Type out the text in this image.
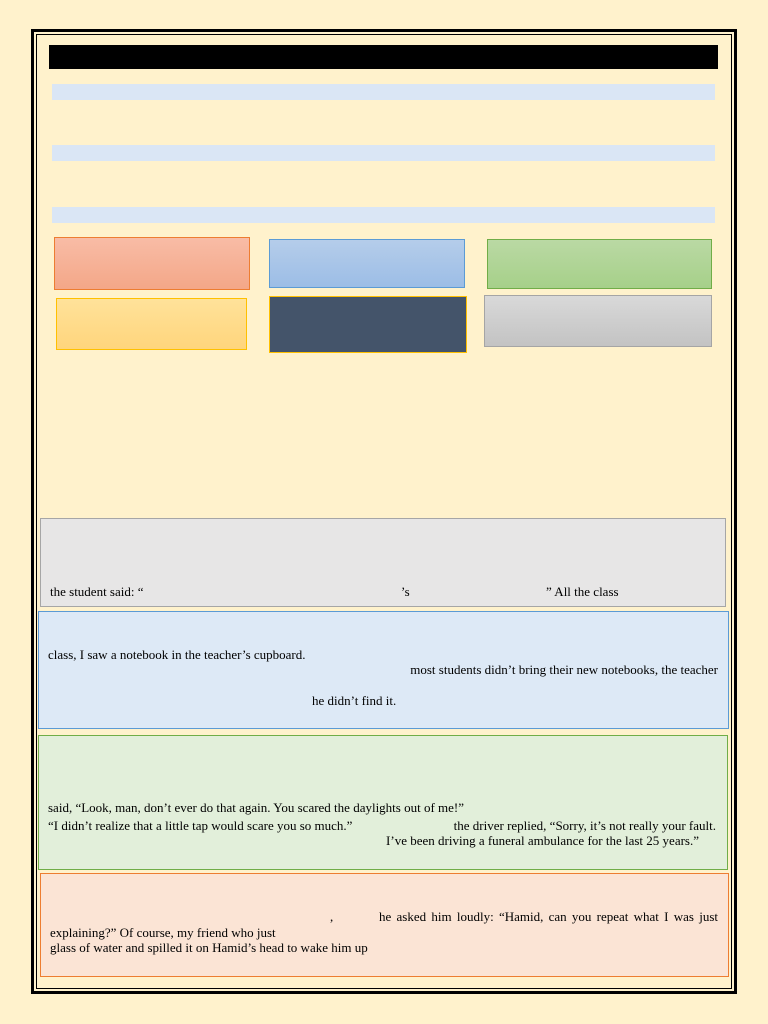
the student said: “	’s	” All the class
class, I saw a notebook in the teacher’s cupboard.
most students didn’t bring their new notebooks, the teacher
he didn’t find it.
said, “Look, man, don’t ever do that again. You scared the daylights out of me!”
“I didn’t realize that a little tap would scare you so much.”	the driver replied, “Sorry, it’s not really your fault.
I’ve been driving a funeral ambulance for the last 25 years.”
,	he asked him loudly: “Hamid, can you repeat what I was just
explaining?” Of course, my friend who just
glass of water and spilled it on Hamid’s head to wake him up
